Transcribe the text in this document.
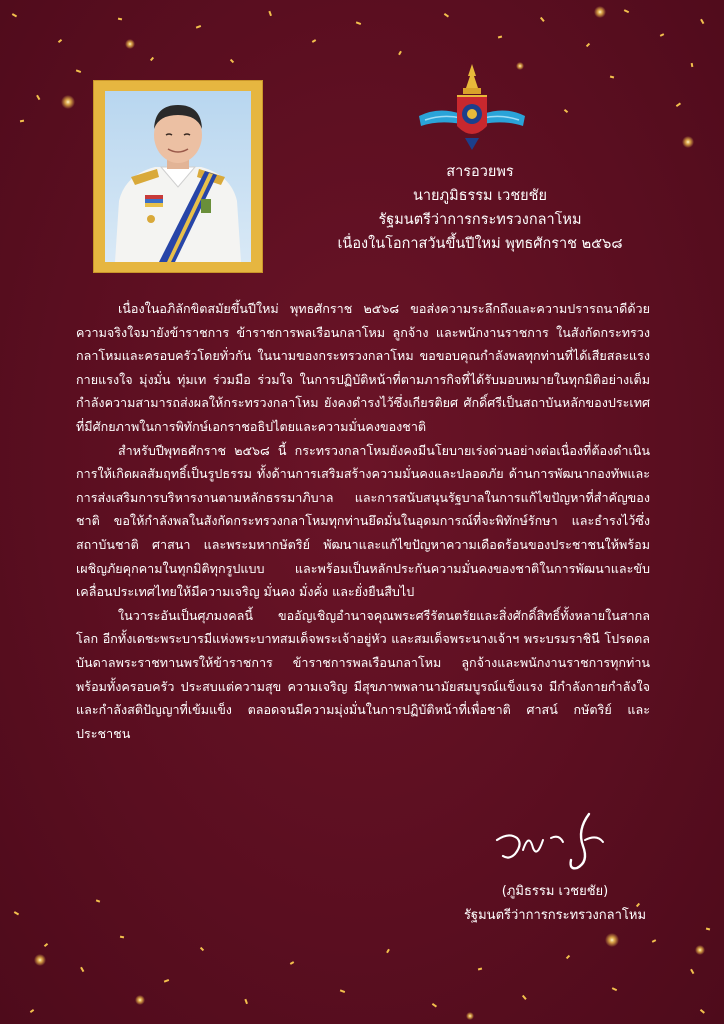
สารอวยพร
นายภูมิธรรม เวชยชัย
รัฐมนตรีว่าการกระทรวงกลาโหม
เนื่องในโอกาสวันขึ้นปีใหม่ พุทธศักราช ๒๕๖๘

เนื่องในอภิลักขิตสมัยขึ้นปีใหม่ พุทธศักราช ๒๕๖๘ ขอส่งความระลึกถึงและความปรารถนาดีด้วยความจริงใจมายังข้าราชการ ข้าราชการพลเรือนกลาโหม ลูกจ้าง และพนักงานราชการ ในสังกัดกระทรวงกลาโหมและครอบครัวโดยทั่วกัน ในนามของกระทรวงกลาโหม ขอขอบคุณกำลังพลทุกท่านที่ได้เสียสละแรงกายแรงใจ มุ่งมั่น ทุ่มเท ร่วมมือ ร่วมใจ ในการปฏิบัติหน้าที่ตามภารกิจที่ได้รับมอบหมายในทุกมิติอย่างเต็มกำลังความสามารถส่งผลให้กระทรวงกลาโหม ยังคงดำรงไว้ซึ่งเกียรติยศ ศักดิ์ศรีเป็นสถาบันหลักของประเทศที่มีศักยภาพในการพิทักษ์เอกราชอธิปไตยและความมั่นคงของชาติ

สำหรับปีพุทธศักราช ๒๕๖๘ นี้ กระทรวงกลาโหมยังคงมีนโยบายเร่งด่วนอย่างต่อเนื่องที่ต้องดำเนินการให้เกิดผลสัมฤทธิ์เป็นรูปธรรม ทั้งด้านการเสริมสร้างความมั่นคงและปลอดภัย ด้านการพัฒนากองทัพและการส่งเสริมการบริหารงานตามหลักธรรมาภิบาล และการสนับสนุนรัฐบาลในการแก้ไขปัญหาที่สำคัญของชาติ ขอให้กำลังพลในสังกัดกระทรวงกลาโหมทุกท่านยึดมั่นในอุดมการณ์ที่จะพิทักษ์รักษา และธำรงไว้ซึ่งสถาบันชาติ ศาสนา และพระมหากษัตริย์ พัฒนาและแก้ไขปัญหาความเดือดร้อนของประชาชนให้พร้อมเผชิญภัยคุกคามในทุกมิติทุกรูปแบบ และพร้อมเป็นหลักประกันความมั่นคงของชาติในการพัฒนาและขับเคลื่อนประเทศไทยให้มีความเจริญ มั่นคง มั่งคั่ง และยั่งยืนสืบไป

ในวาระอันเป็นศุภมงคลนี้ ขออัญเชิญอำนาจคุณพระศรีรัตนตรัยและสิ่งศักดิ์สิทธิ์ทั้งหลายในสากลโลก อีกทั้งเดชะพระบารมีแห่งพระบาทสมเด็จพระเจ้าอยู่หัว และสมเด็จพระนางเจ้าฯ พระบรมราชินี โปรดดลบันดาลพระราชทานพรให้ข้าราชการ ข้าราชการพลเรือนกลาโหม ลูกจ้างและพนักงานราชการทุกท่าน พร้อมทั้งครอบครัว ประสบแต่ความสุข ความเจริญ มีสุขภาพพลานามัยสมบูรณ์แข็งแรง มีกำลังกายกำลังใจ และกำลังสติปัญญาที่เข้มแข็ง ตลอดจนมีความมุ่งมั่นในการปฏิบัติหน้าที่เพื่อชาติ ศาสน์ กษัตริย์ และประชาชน

(ภูมิธรรม เวชยชัย)
รัฐมนตรีว่าการกระทรวงกลาโหม
